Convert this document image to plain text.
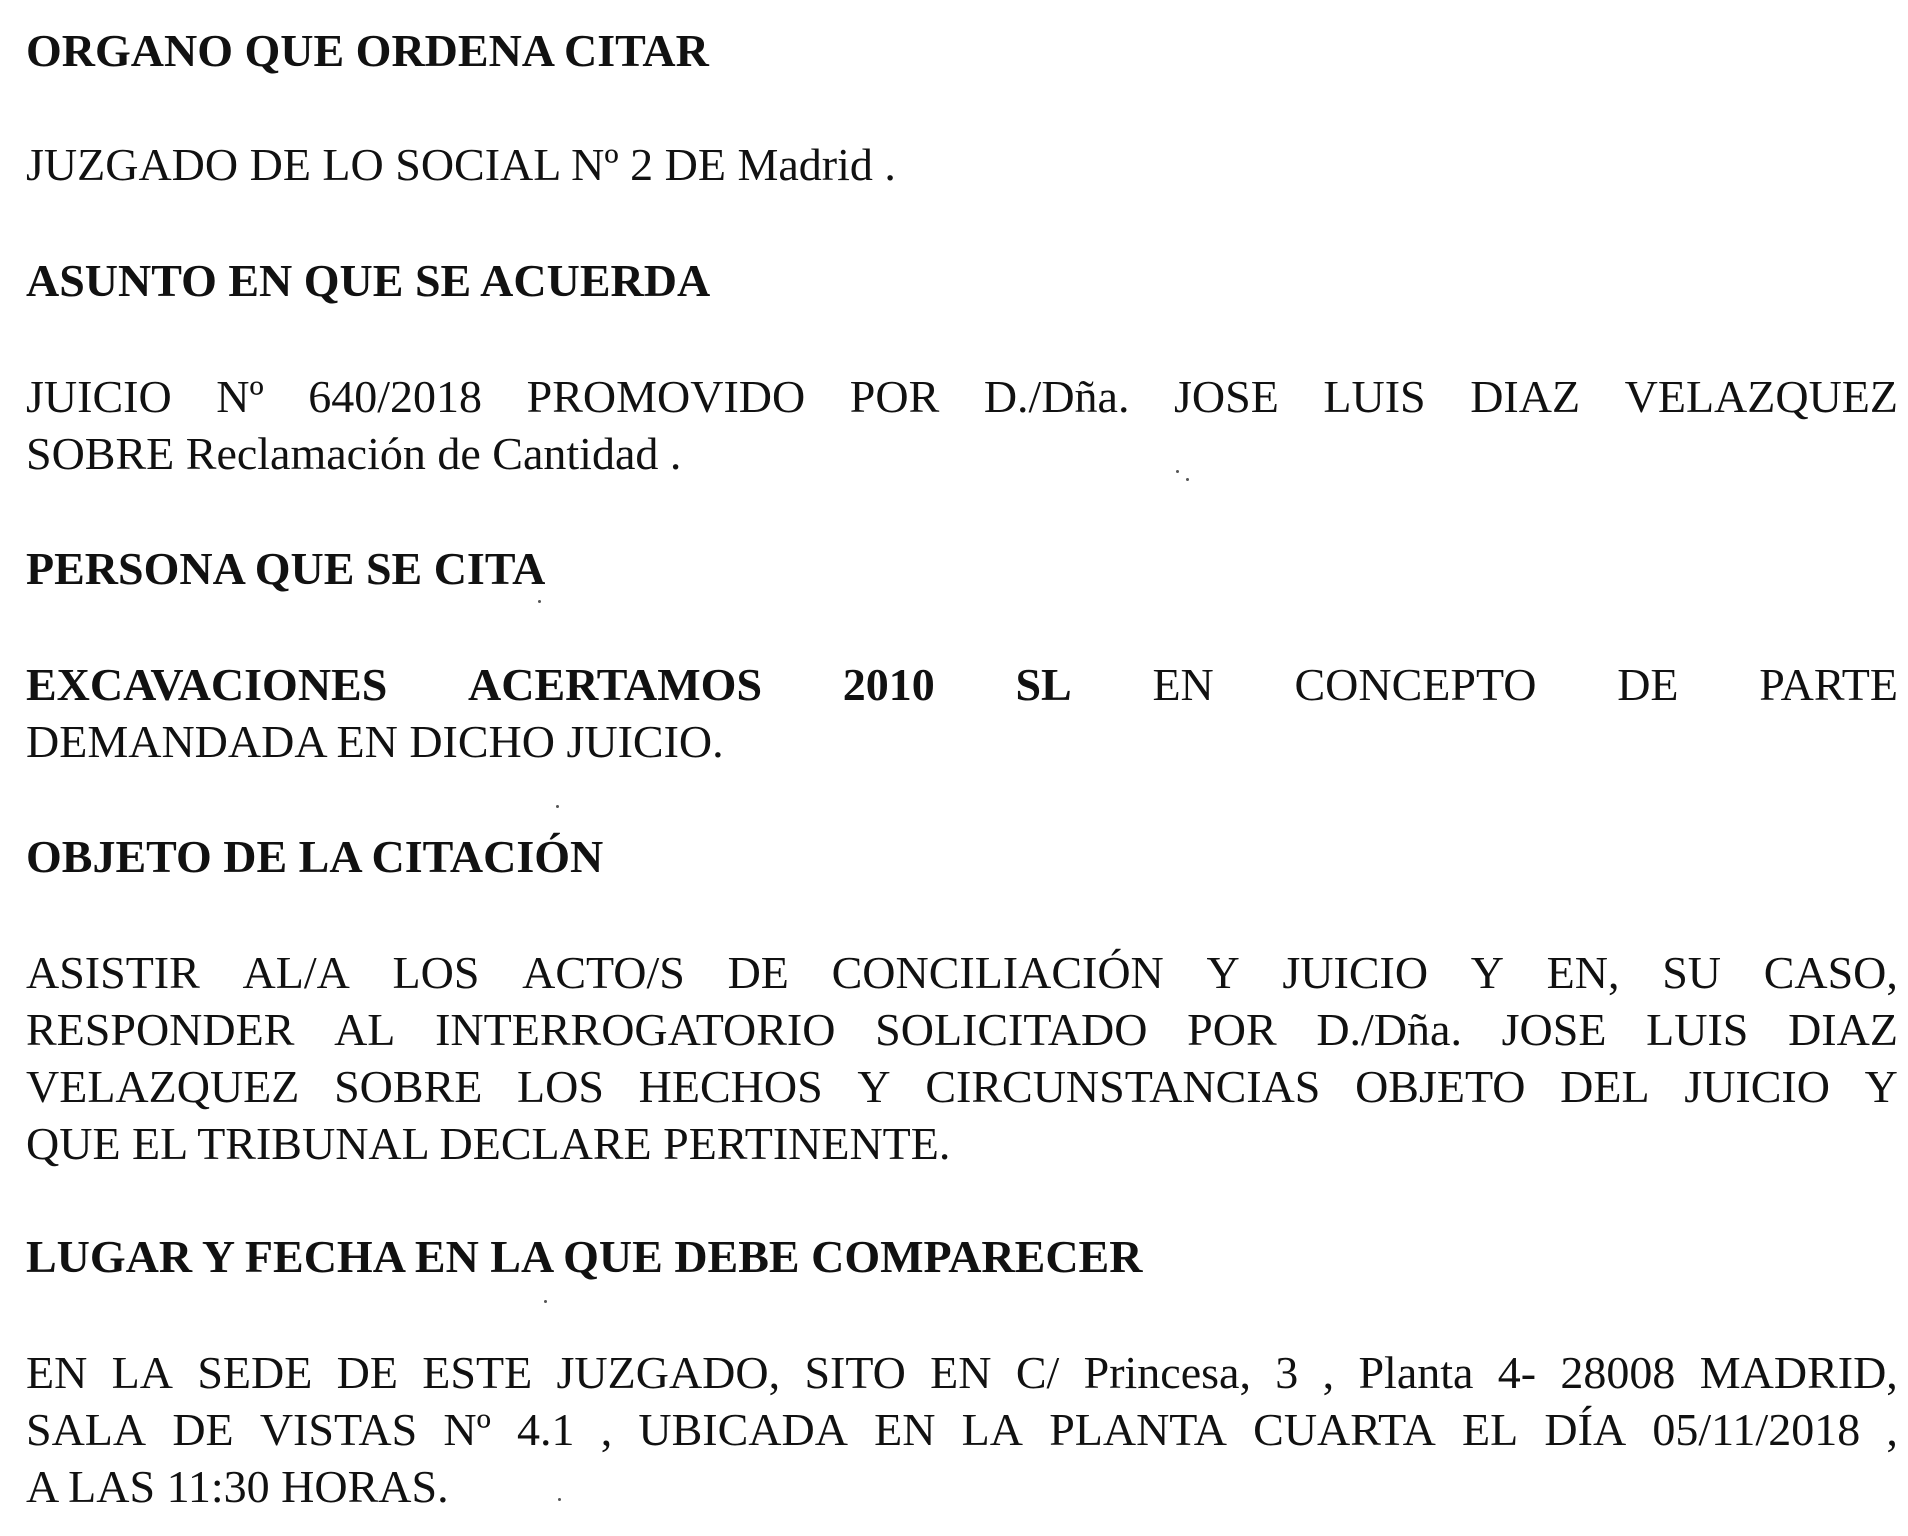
ORGANO QUE ORDENA CITAR
JUZGADO DE LO SOCIAL Nº 2 DE Madrid .
ASUNTO EN QUE SE ACUERDA
JUICIO Nº 640/2018 PROMOVIDO POR D./Dña. JOSE LUIS DIAZ VELAZQUEZ
SOBRE Reclamación de Cantidad .
PERSONA QUE SE CITA
EXCAVACIONES ACERTAMOS 2010 SL EN CONCEPTO DE PARTE
DEMANDADA EN DICHO JUICIO.
OBJETO DE LA CITACIÓN
ASISTIR AL/A LOS ACTO/S DE CONCILIACIÓN Y JUICIO Y EN, SU CASO,
RESPONDER AL INTERROGATORIO SOLICITADO POR D./Dña. JOSE LUIS DIAZ
VELAZQUEZ SOBRE LOS HECHOS Y CIRCUNSTANCIAS OBJETO DEL JUICIO Y
QUE EL TRIBUNAL DECLARE PERTINENTE.
LUGAR Y FECHA EN LA QUE DEBE COMPARECER
EN LA SEDE DE ESTE JUZGADO, SITO EN C/ Princesa, 3 , Planta 4- 28008 MADRID,
SALA DE VISTAS Nº 4.1 , UBICADA EN LA PLANTA CUARTA EL DÍA 05/11/2018 ,
A LAS 11:30 HORAS.
